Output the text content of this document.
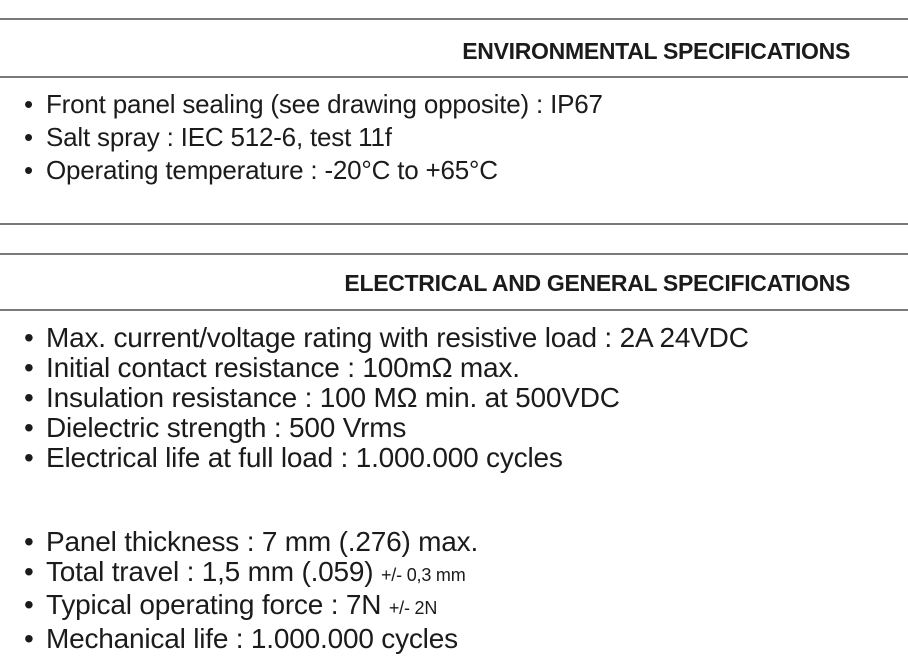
ENVIRONMENTAL SPECIFICATIONS
• Front panel sealing (see drawing opposite) : IP67
• Salt spray : IEC 512-6, test 11f
• Operating temperature : -20°C to +65°C
ELECTRICAL AND GENERAL SPECIFICATIONS
• Max. current/voltage rating with resistive load : 2A 24VDC
• Initial contact resistance : 100mΩ max.
• Insulation resistance : 100 MΩ min. at 500VDC
• Dielectric strength : 500 Vrms
• Electrical life at full load : 1.000.000 cycles
• Panel thickness : 7 mm (.276) max.
• Total travel : 1,5 mm (.059) +/- 0,3 mm
• Typical operating force : 7N +/- 2N
• Mechanical life : 1.000.000 cycles
